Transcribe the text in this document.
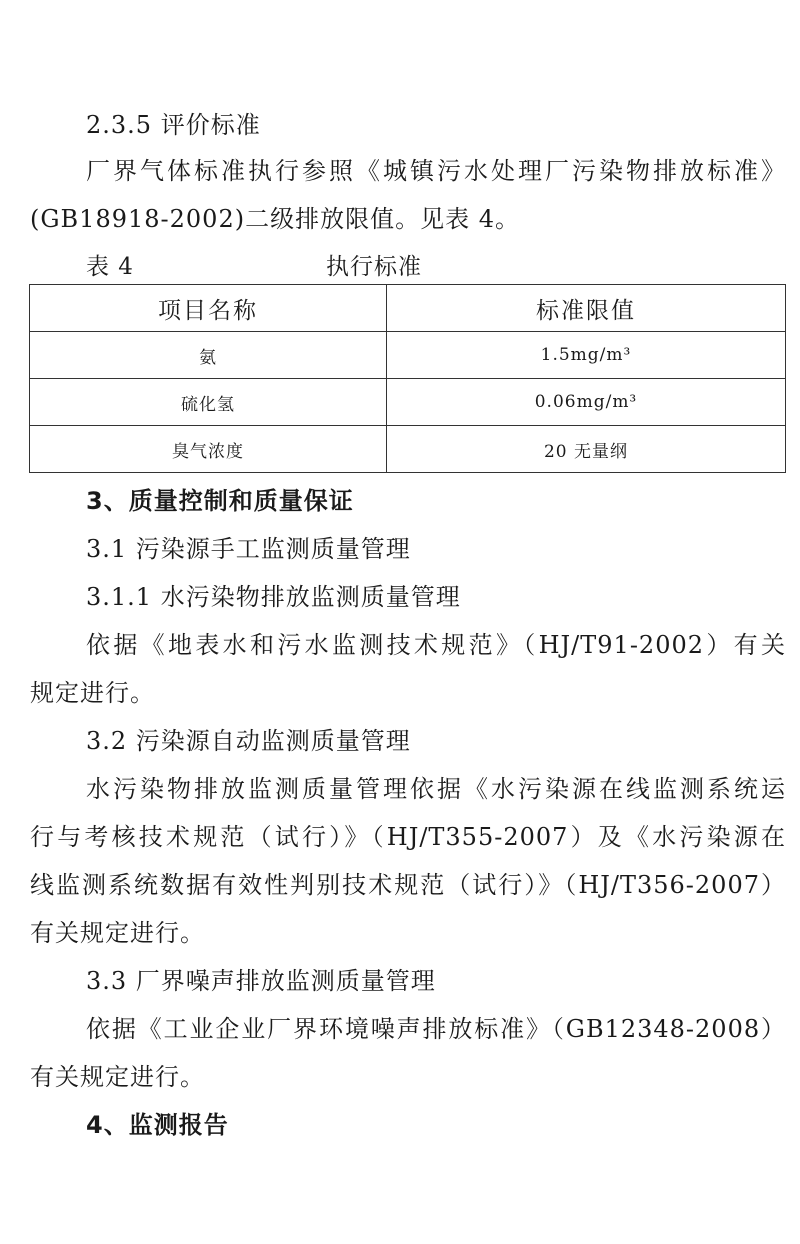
2.3.5 评价标准
厂界气体标准执行参照《城镇污水处理厂污染物排放标准》
(GB18918-2002)二级排放限值。见表 4。
表 4	执行标准
项目名称	标准限值
氨	1.5mg/m³
硫化氢	0.06mg/m³
臭气浓度	20 无量纲
3、质量控制和质量保证
3.1 污染源手工监测质量管理
3.1.1 水污染物排放监测质量管理
依据《地表水和污水监测技术规范》（HJ/T91-2002）有关
规定进行。
3.2 污染源自动监测质量管理
水污染物排放监测质量管理依据《水污染源在线监测系统运
行与考核技术规范（试行）》（HJ/T355-2007）及《水污染源在
线监测系统数据有效性判别技术规范（试行）》（HJ/T356-2007）
有关规定进行。
3.3 厂界噪声排放监测质量管理
依据《工业企业厂界环境噪声排放标准》（GB12348-2008）
有关规定进行。
4、监测报告
